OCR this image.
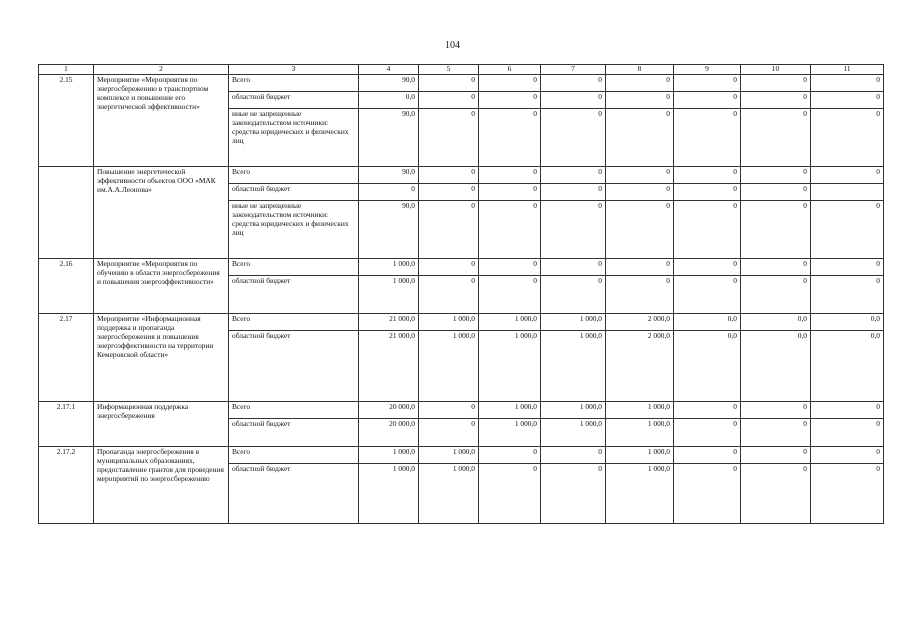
104
1	2	3	4	5	6	7	8	9	10	11
2.15	Мероприятие «Мероприятия по энергосбережению в транспортном комплексе и повышение его энергетической эффективности»	Всего	90,0	0	0	0	0	0	0	0
		областной бюджет	0,0	0	0	0	0	0	0	0
		иные не запрещенные законодательством источники: средства юридических и физических лиц	90,0	0	0	0	0	0	0	0
	Повышение энергетической эффективности объектов ООО «МАК им.А.А.Леонова»	Всего	90,0	0	0	0	0	0	0	0
		областной бюджет	0	0	0	0	0	0	0	
		иные не запрещенные законодательством источники: средства юридических и физических лиц	90,0	0	0	0	0	0	0	0
2.16	Мероприятие «Мероприятия по обучению в области энергосбережения и повышения энергоэффективности»	Всего	1 000,0	0	0	0	0	0	0	0
		областной бюджет	1 000,0	0	0	0	0	0	0	0
2.17	Мероприятие «Информационная поддержка и пропаганда энергосбережения и повышения энергоэффективности на территории Кемеровской области»	Всего	21 000,0	1 000,0	1 000,0	1 000,0	2 000,0	0,0	0,0	0,0
		областной бюджет	21 000,0	1 000,0	1 000,0	1 000,0	2 000,0	0,0	0,0	0,0
2.17.1	Информационная поддержка энергосбережения	Всего	20 000,0	0	1 000,0	1 000,0	1 000,0	0	0	0
		областной бюджет	20 000,0	0	1 000,0	1 000,0	1 000,0	0	0	0
2.17.2	Пропаганда энергосбережения в муниципальных образованиях, предоставление грантов для проведения мероприятий по энергосбережению	Всего	1 000,0	1 000,0	0	0	1 000,0	0	0	0
		областной бюджет	1 000,0	1 000,0	0	0	1 000,0	0	0	0
